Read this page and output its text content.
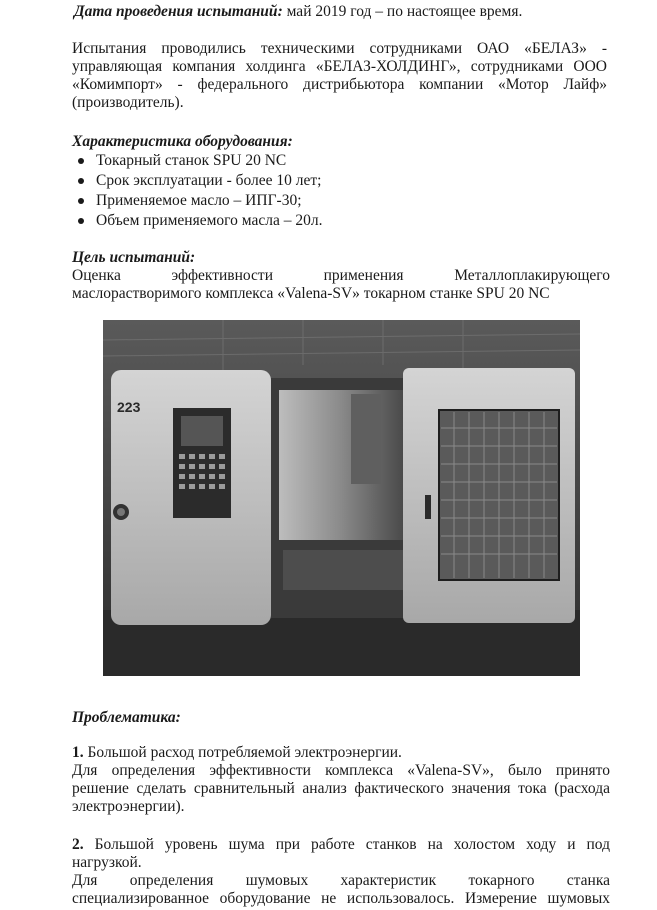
Дата проведения испытаний: май 2019 год – по настоящее время.
Испытания проводились техническими сотрудниками ОАО «БЕЛАЗ» -
управляющая компания холдинга «БЕЛАЗ-ХОЛДИНГ», сотрудниками ООО
«Комимпорт» - федерального дистрибьютора компании «Мотор Лайф»
(производитель).
Характеристика оборудования:
Токарный станок SPU 20 NC
Срок эксплуатации - более 10 лет;
Применяемое масло – ИПГ-30;
Объем применяемого масла – 20л.
Цель испытаний:
Оценка эффективности применения Металлоплакирующего
маслорастворимого комплекса «Valena-SV» токарном станке SPU 20 NC
Проблематика:
1. Большой расход потребляемой электроэнергии.
Для определения эффективности комплекса «Valena-SV», было принято
решение сделать сравнительный анализ фактического значения тока (расхода
электроэнергии).
2. Большой уровень шума при работе станков на холостом ходу и под
нагрузкой.
Для определения шумовых характеристик токарного станка
специализированное оборудование не использовалось. Измерение шумовых
223
